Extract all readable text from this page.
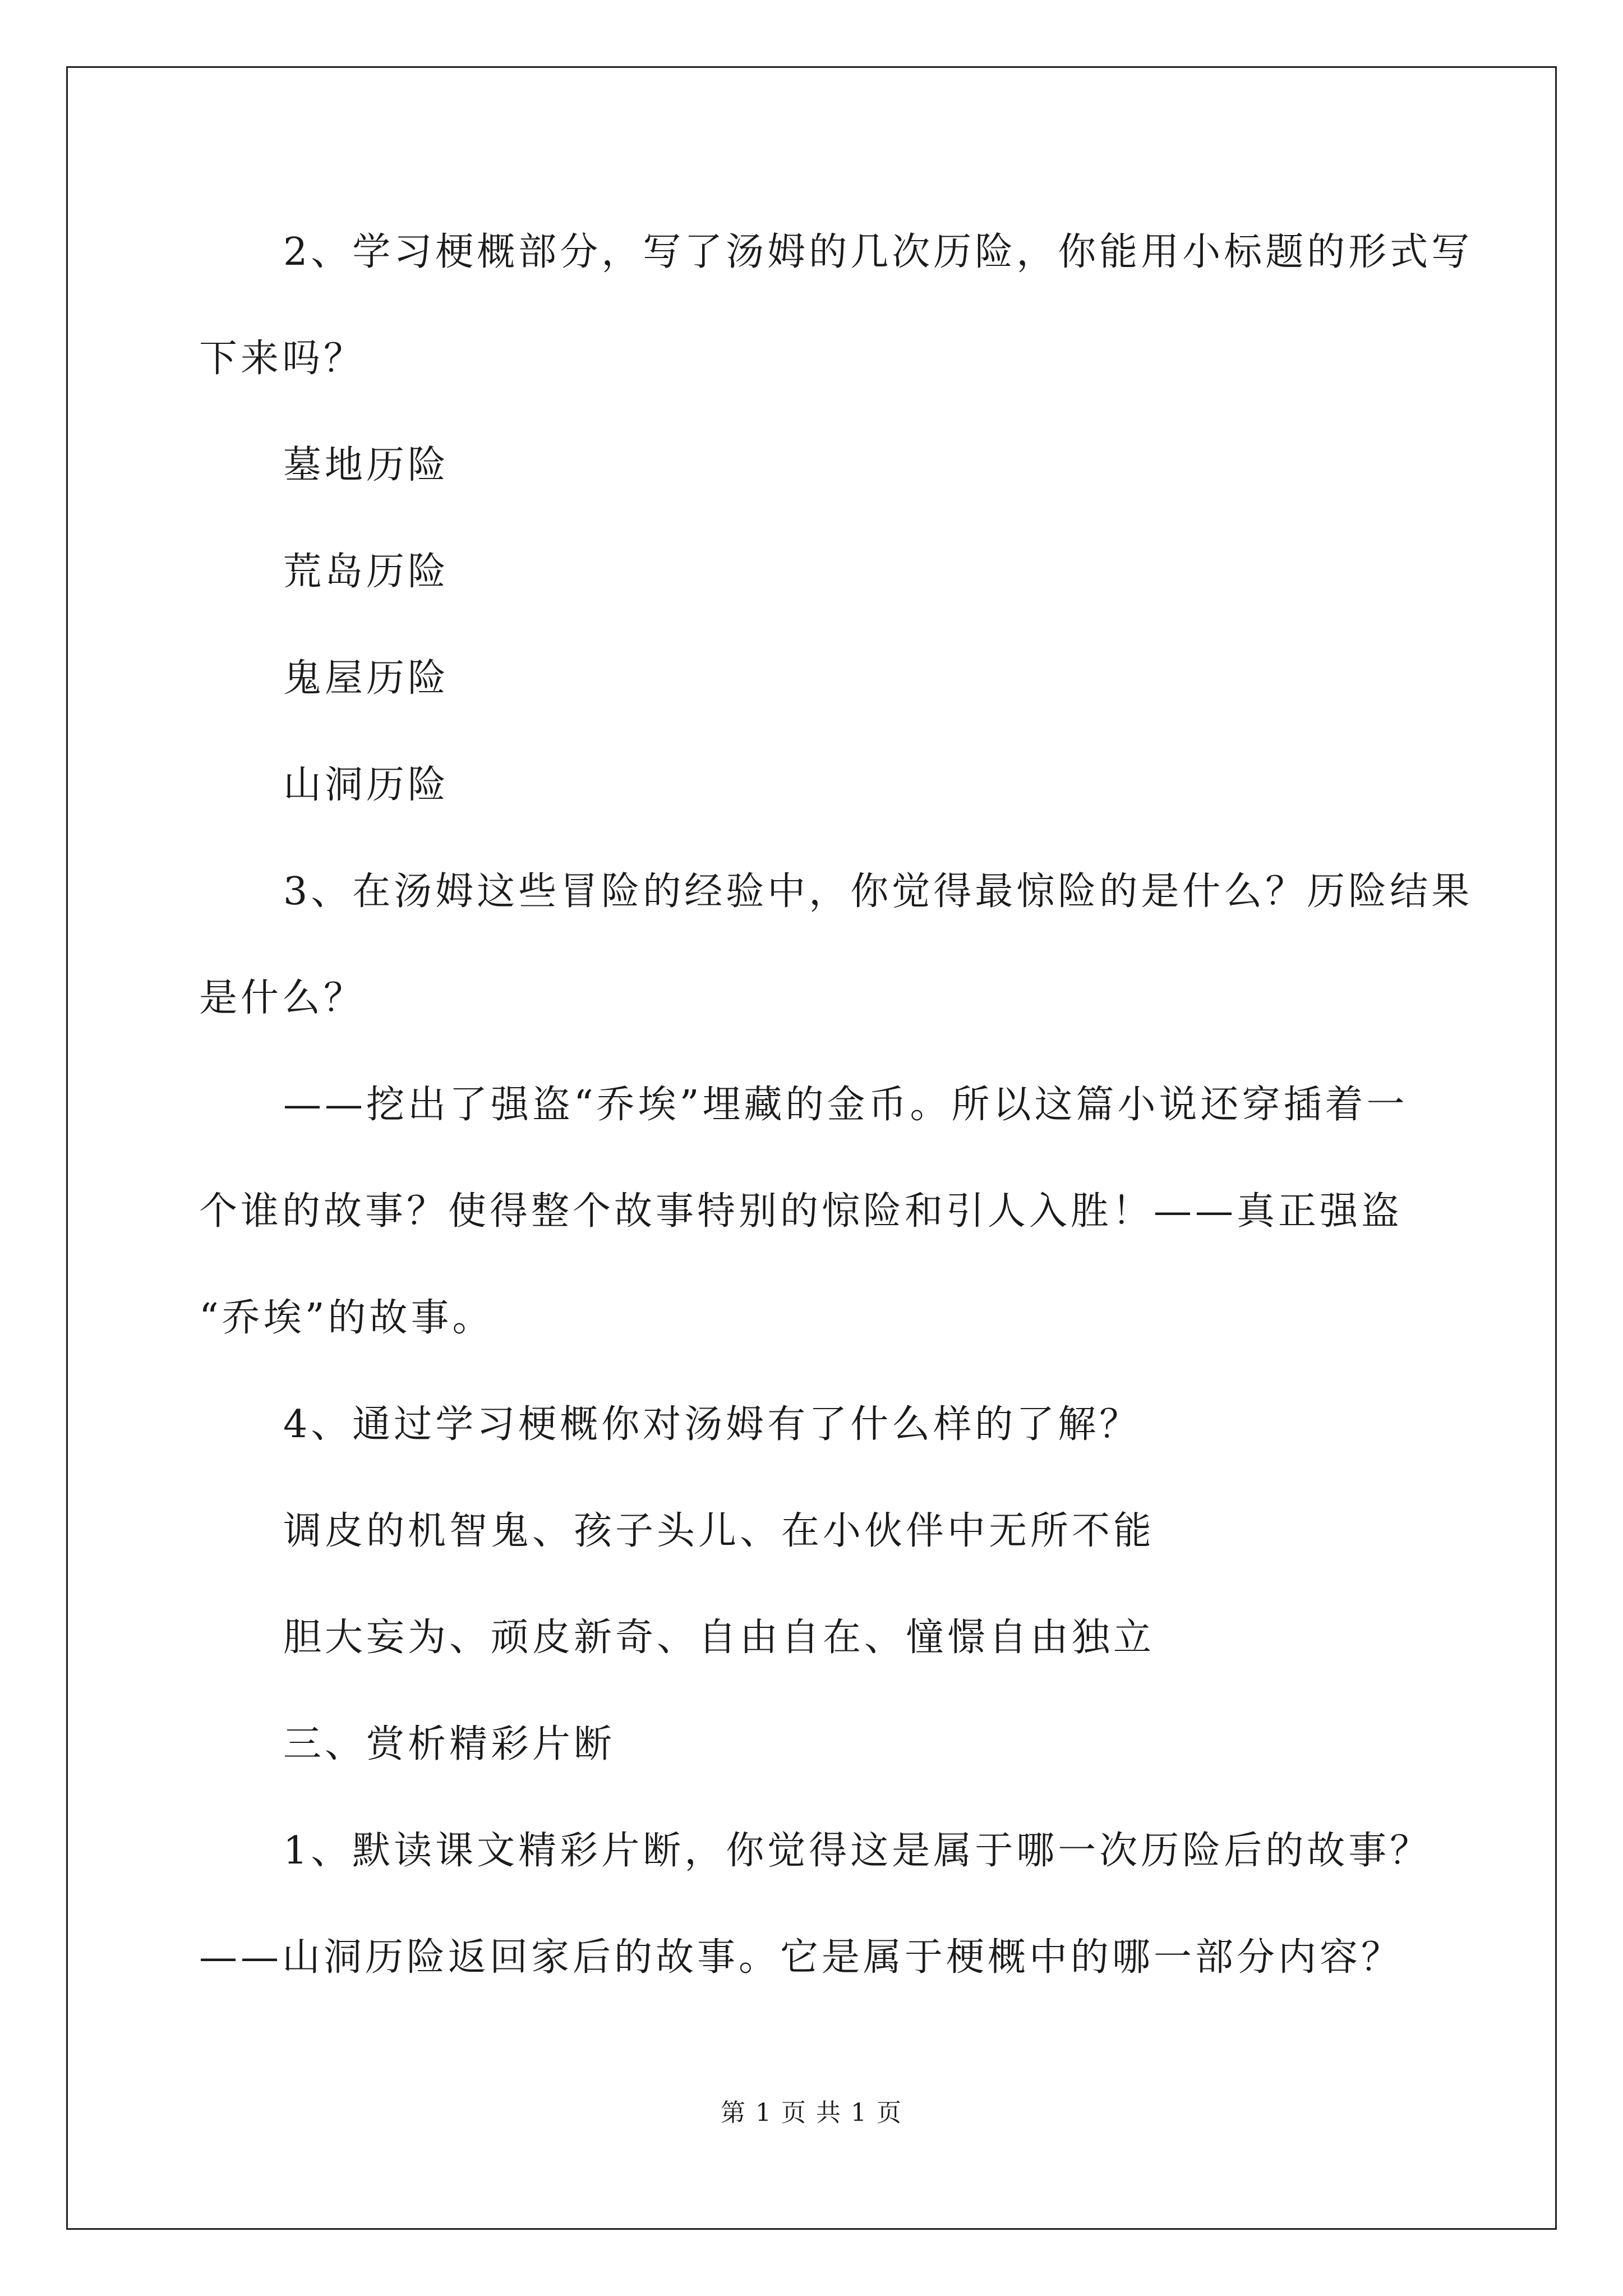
2、学习梗概部分，写了汤姆的几次历险，你能用小标题的形式写
下来吗？
墓地历险
荒岛历险
鬼屋历险
山洞历险
3、在汤姆这些冒险的经验中，你觉得最惊险的是什么？历险结果
是什么？
——挖出了强盗“乔埃”埋藏的金币。所以这篇小说还穿插着一
个谁的故事？使得整个故事特别的惊险和引人入胜！——真正强盗
“乔埃”的故事。
4、通过学习梗概你对汤姆有了什么样的了解？
调皮的机智鬼、孩子头儿、在小伙伴中无所不能
胆大妄为、顽皮新奇、自由自在、憧憬自由独立
三、赏析精彩片断
1、默读课文精彩片断，你觉得这是属于哪一次历险后的故事？
——山洞历险返回家后的故事。它是属于梗概中的哪一部分内容？
第 1 页 共 1 页
